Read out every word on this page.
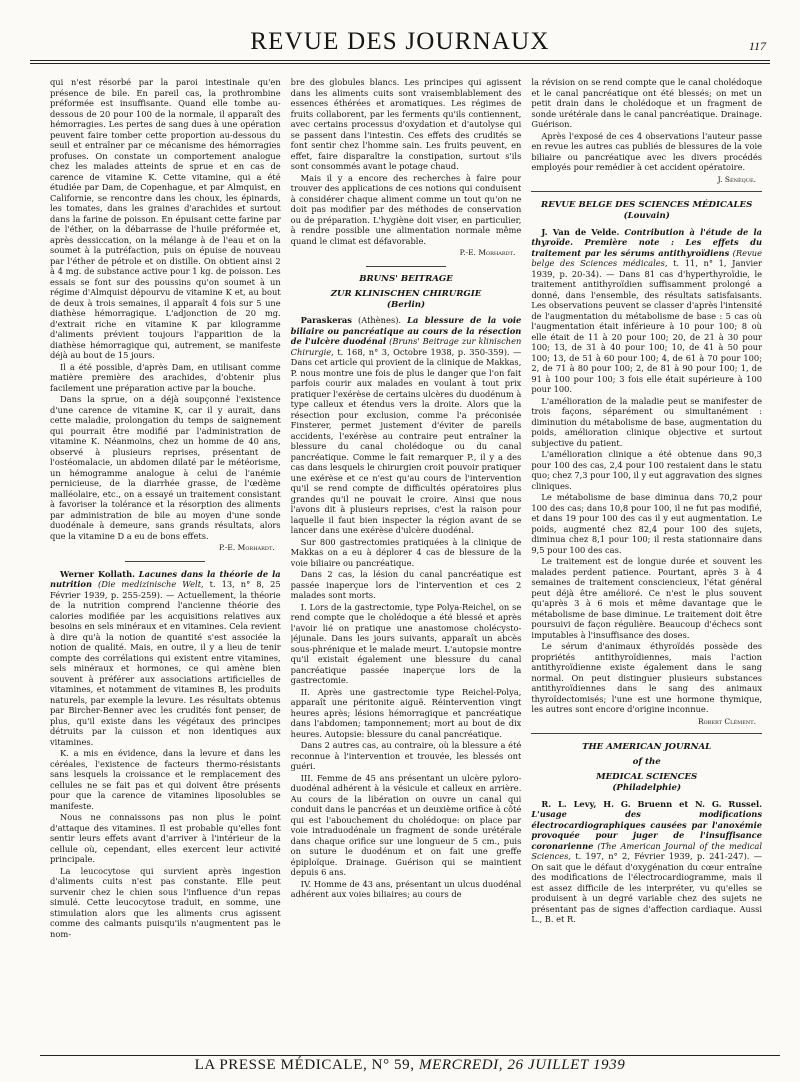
REVUE DES JOURNAUX	117

qui n'est résorbé par la paroi intestinale qu'en présence de bile. En pareil cas, la prothrombine préformée est insuffisante. Quand elle tombe au-dessous de 20 pour 100 de la normale, il apparaît des hémorragies. Les pertes de sang dues à une opération peuvent faire tomber cette proportion au-dessous du seuil et entraîner par ce mécanisme des hémorragies profuses. On constate un comportement analogue chez les malades atteints de sprue et en cas de carence de vitamine K. Cette vitamine, qui a été étudiée par Dam, de Copenhague, et par Almquist, en Californie, se rencontre dans les choux, les épinards, les tomates, dans les graines d'arachides et surtout dans la farine de poisson. En épuisant cette farine par de l'éther, on la débarrasse de l'huile préformée et, après dessiccation, on la mélange à de l'eau et on la soumet à la putréfaction, puis on épuise de nouveau par l'éther de pétrole et on distille. On obtient ainsi 2 à 4 mg. de substance active pour 1 kg. de poisson. Les essais se font sur des poussins qu'on soumet à un régime d'Almquist dépourvu de vitamine K et, au bout de deux à trois semaines, il apparaît 4 fois sur 5 une diathèse hémorragique. L'adjonction de 20 mg. d'extrait riche en vitamine K par kilogramme d'aliments prévient toujours l'apparition de la diathèse hémorragique qui, autrement, se manifeste déjà au bout de 15 jours.

Il a été possible, d'après Dam, en utilisant comme matière première des arachides, d'obtenir plus facilement une préparation active par la bouche.

Dans la sprue, on a déjà soupçonné l'existence d'une carence de vitamine K, car il y aurait, dans cette maladie, prolongation du temps de saignement qui pourrait être modifié par l'administration de vitamine K. Néanmoins, chez un homme de 40 ans, observé à plusieurs reprises, présentant de l'ostéomalacie, un abdomen dilaté par le météorisme, un hémogramme analogue à celui de l'anémie pernicieuse, de la diarrhée grasse, de l'œdème malléolaire, etc., on a essayé un traitement consistant à favoriser la tolérance et la résorption des aliments par administration de bile au moyen d'une sonde duodénale à demeure, sans grands résultats, alors que la vitamine D a eu de bons effets.

P.-E. Morhardt.

Werner Kollath. Lacunes dans la théorie de la nutrition (Die medizinische Welt, t. 13, n° 8, 25 Février 1939, p. 255-259). — Actuellement, la théorie de la nutrition comprend l'ancienne théorie des calories modifiée par les acquisitions relatives aux besoins en sels minéraux et en vitamines. Cela revient à dire qu'à la notion de quantité s'est associée la notion de qualité. Mais, en outre, il y a lieu de tenir compte des corrélations qui existent entre vitamines, sels minéraux et hormones, ce qui amène bien souvent à préférer aux associations artificielles de vitamines, et notamment de vitamines B, les produits naturels, par exemple la levure. Les résultats obtenus par Bircher-Benner avec les crudités font penser, de plus, qu'il existe dans les végétaux des principes détruits par la cuisson et non identiques aux vitamines.

K. a mis en évidence, dans la levure et dans les céréales, l'existence de facteurs thermo-résistants sans lesquels la croissance et le remplacement des cellules ne se fait pas et qui doivent être présents pour que la carence de vitamines liposolubles se manifeste.

Nous ne connaissons pas non plus le point d'attaque des vitamines. Il est probable qu'elles font sentir leurs effets avant d'arriver à l'intérieur de la cellule où, cependant, elles exercent leur activité principale.

La leucocytose qui survient après ingestion d'aliments cuits n'est pas constante. Elle peut survenir chez le chien sous l'influence d'un repas simulé. Cette leucocytose traduit, en somme, une stimulation alors que les aliments crus agissent comme des calmants puisqu'ils n'augmentent pas le nom-

bre des globules blancs. Les principes qui agissent dans les aliments cuits sont vraisemblablement des essences éthérées et aromatiques. Les régimes de fruits collaborent, par les ferments qu'ils contiennent, avec certains processus d'oxydation et d'autolyse qui se passent dans l'intestin. Ces effets des crudités se font sentir chez l'homme sain. Les fruits peuvent, en effet, faire disparaître la constipation, surtout s'ils sont consommés avant le potage chaud.

Mais il y a encore des recherches à faire pour trouver des applications de ces notions qui conduisent à considérer chaque aliment comme un tout qu'on ne doit pas modifier par des méthodes de conservation ou de préparation. L'hygiène doit viser, en particulier, à rendre possible une alimentation normale même quand le climat est défavorable.

P.-E. Morhardt.
BRUNS' BEITRAGE
ZUR KLINISCHEN CHIRURGIE
(Berlin)

Paraskeras (Athènes). La blessure de la voie biliaire ou pancréatique au cours de la résection de l'ulcère duodénal (Bruns' Beitrage zur klinischen Chirurgie, t. 168, n° 3, Octobre 1938, p. 350-359). — Dans cet article qui provient de la clinique de Makkas, P. nous montre une fois de plus le danger que l'on fait parfois courir aux malades en voulant à tout prix pratiquer l'exérèse de certains ulcères du duodénum à type calleux et étendus vers la droite. Alors que la résection pour exclusion, comme l'a préconisée Finsterer, permet justement d'éviter de pareils accidents, l'exérèse au contraire peut entraîner la blessure du canal cholédoque ou du canal pancréatique. Comme le fait remarquer P., il y a des cas dans lesquels le chirurgien croit pouvoir pratiquer une exérèse et ce n'est qu'au cours de l'intervention qu'il se rend compte de difficultés opératoires plus grandes qu'il ne pouvait le croire. Ainsi que nous l'avons dit à plusieurs reprises, c'est la raison pour laquelle il faut bien inspecter la région avant de se lancer dans une exérèse d'ulcère duodénal.

Sur 800 gastrectomies pratiquées à la clinique de Makkas on a eu à déplorer 4 cas de blessure de la voie biliaire ou pancréatique.

Dans 2 cas, la lésion du canal pancréatique est passée inaperçue lors de l'intervention et ces 2 malades sont morts.

I. Lors de la gastrectomie, type Polya-Reichel, on se rend compte que le cholédoque a été blessé et après l'avoir lié on pratique une anastomose cholécysto-jéjunale. Dans les jours suivants, apparaît un abcès sous-phrénique et le malade meurt. L'autopsie montre qu'il existait également une blessure du canal pancréatique passée inaperçue lors de la gastrectomie.

II. Après une gastrectomie type Reichel-Polya, apparaît une péritonite aiguë. Réintervention vingt heures après; lésions hémorragique et pancréatique dans l'abdomen; tamponnement; mort au bout de dix heures. Autopsie: blessure du canal pancréatique.

Dans 2 autres cas, au contraire, où la blessure a été reconnue à l'intervention et trouvée, les blessés ont guéri.

III. Femme de 45 ans présentant un ulcère pyloro-duodénal adhérent à la vésicule et calleux en arrière. Au cours de la libération on ouvre un canal qui conduit dans le pancréas et un deuxième orifice à côté qui est l'abouchement du cholédoque: on place par voie intraduodénale un fragment de sonde urétérale dans chaque orifice sur une longueur de 5 cm., puis on suture le duodénum et on fait une greffe épiploïque. Drainage. Guérison qui se maintient depuis 6 ans.

IV. Homme de 43 ans, présentant un ulcus duodénal adhérent aux voies biliaires; au cours de

la révision on se rend compte que le canal cholédoque et le canal pancréatique ont été blessés; on met un petit drain dans le cholédoque et un fragment de sonde urétérale dans le canal pancréatique. Drainage. Guérison.

Après l'exposé de ces 4 observations l'auteur passe en revue les autres cas publiés de blessures de la voie biliaire ou pancréatique avec les divers procédés employés pour remédier à cet accident opératoire.

J. Sénèque.
REVUE BELGE DES SCIENCES MÉDICALES
(Louvain)

J. Van de Velde. Contribution à l'étude de la thyroïde. Première note : Les effets du traitement par les sérums antithyroïdiens (Revue belge des Sciences médicales, t. 11, n° 1, Janvier 1939, p. 20-34). — Dans 81 cas d'hyperthyroïdie, le traitement antithyroïdien suffisamment prolongé a donné, dans l'ensemble, des résultats satisfaisants. Les observations peuvent se classer d'après l'intensité de l'augmentation du métabolisme de base : 5 cas où l'augmentation était inférieure à 10 pour 100; 8 où elle était de 11 à 20 pour 100; 20, de 21 à 30 pour 100; 13, de 31 à 40 pour 100; 10, de 41 à 50 pour 100; 13, de 51 à 60 pour 100; 4, de 61 à 70 pour 100; 2, de 71 à 80 pour 100; 2, de 81 à 90 pour 100; 1, de 91 à 100 pour 100; 3 fois elle était supérieure à 100 pour 100.

L'amélioration de la maladie peut se manifester de trois façons, séparément ou simultanément : diminution du métabolisme de base, augmentation du poids, amélioration clinique objective et surtout subjective du patient.

L'amélioration clinique a été obtenue dans 90,3 pour 100 des cas, 2,4 pour 100 restaient dans le statu quo; chez 7,3 pour 100, il y eut aggravation des signes cliniques.

Le métabolisme de base diminua dans 70,2 pour 100 des cas; dans 10,8 pour 100, il ne fut pas modifié, et dans 19 pour 100 des cas il y eut augmentation. Le poids, augmenté chez 82,4 pour 100 des sujets, diminua chez 8,1 pour 100; il resta stationnaire dans 9,5 pour 100 des cas.

Le traitement est de longue durée et souvent les malades perdent patience. Pourtant, après 3 à 4 semaines de traitement consciencieux, l'état général peut déjà être amélioré. Ce n'est le plus souvent qu'après 3 à 6 mois et même davantage que le métabolisme de base diminue. Le traitement doit être poursuivi de façon régulière. Beaucoup d'échecs sont imputables à l'insuffisance des doses.

Le sérum d'animaux éthyroïdés possède des propriétés antithyroïdiennes, mais l'action antithyroïdienne existe également dans le sang normal. On peut distinguer plusieurs substances antithyroïdiennes dans le sang des animaux thyroïdectomisés; l'une est une hormone thymique, les autres sont encore d'origine inconnue.

Robert Clément.
THE AMERICAN JOURNAL
of the
MEDICAL SCIENCES
(Philadelphie)

R. L. Levy, H. G. Bruenn et N. G. Russel. L'usage des modifications électrocardiographiques causées par l'anoxémie provoquée pour juger de l'insuffisance coronarienne (The American Journal of the medical Sciences, t. 197, n° 2, Février 1939, p. 241-247). — On sait que le défaut d'oxygénation du cœur entraîne des modifications de l'électrocardiogramme, mais il est assez difficile de les interpréter, vu qu'elles se produisent à un degré variable chez des sujets ne présentant pas de signes d'affection cardiaque. Aussi L., B. et R.

LA PRESSE MÉDICALE, N° 59, MERCREDI, 26 JUILLET 1939
